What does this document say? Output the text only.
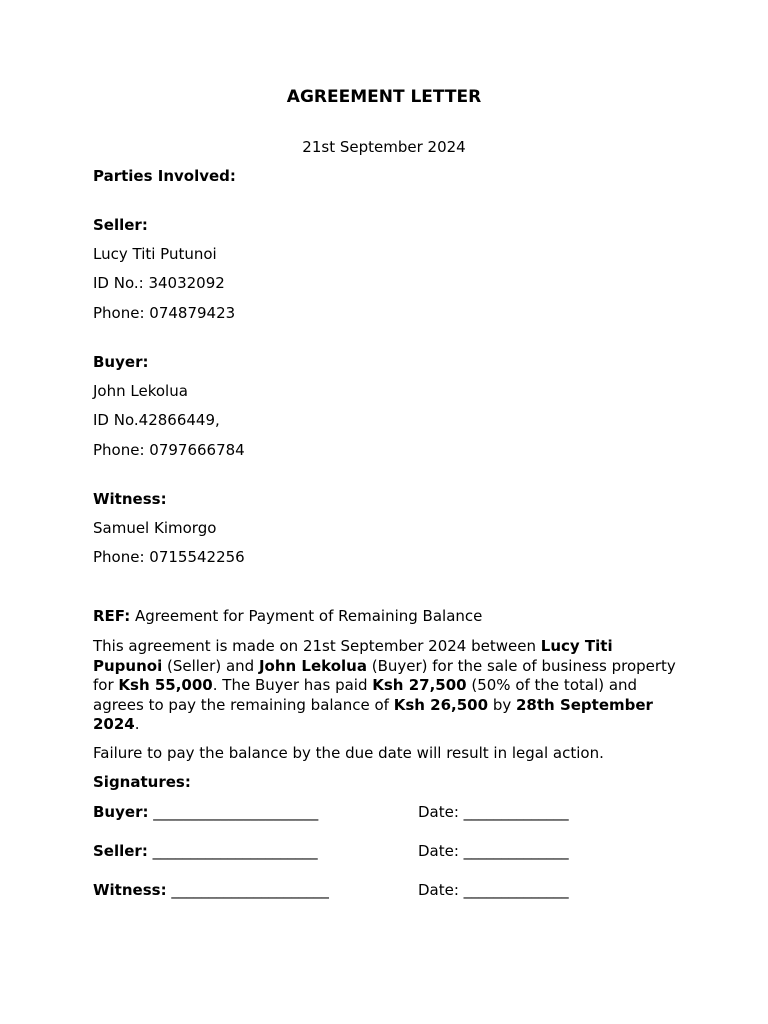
AGREEMENT LETTER
21st September 2024
Parties Involved:
Seller:
Lucy Titi Putunoi
ID No.: 34032092
Phone: 074879423
Buyer:
John Lekolua
ID No.42866449,
Phone: 0797666784
Witness:
Samuel Kimorgo
Phone: 0715542256
REF: Agreement for Payment of Remaining Balance
This agreement is made on 21st September 2024 between Lucy Titi Pupunoi (Seller) and John Lekolua (Buyer) for the sale of business property for Ksh 55,000. The Buyer has paid Ksh 27,500 (50% of the total) and agrees to pay the remaining balance of Ksh 26,500 by 28th September 2024.
Failure to pay the balance by the due date will result in legal action.
Signatures:
Buyer: ______________________	Date: ______________
Seller: ______________________	Date: ______________
Witness: _____________________	Date: ______________
